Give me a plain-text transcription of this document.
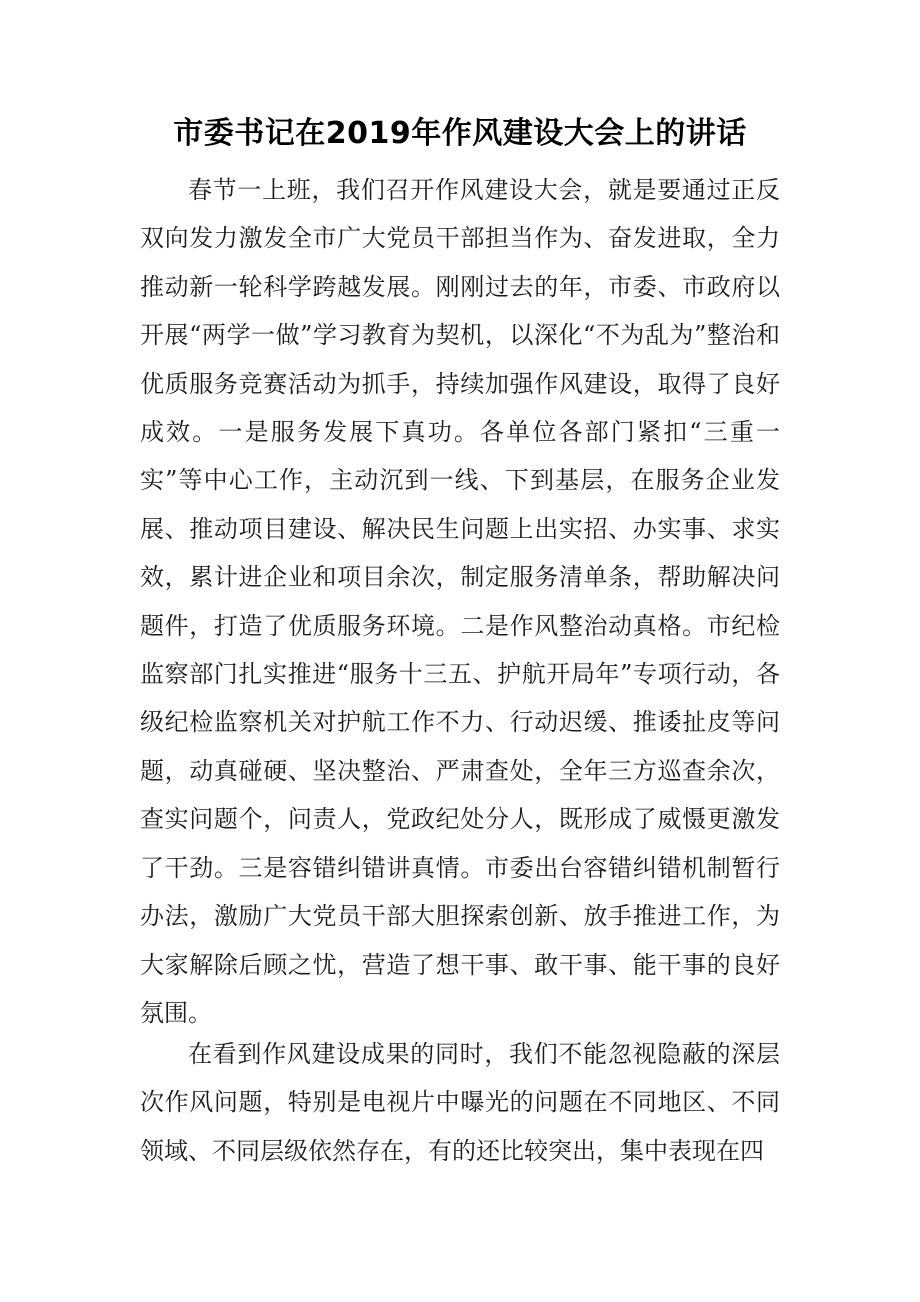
市委书记在2019年作风建设大会上的讲话

春节一上班，我们召开作风建设大会，就是要通过正反双向发力激发全市广大党员干部担当作为、奋发进取，全力推动新一轮科学跨越发展。刚刚过去的年，市委、市政府以开展“两学一做”学习教育为契机，以深化“不为乱为”整治和优质服务竞赛活动为抓手，持续加强作风建设，取得了良好成效。一是服务发展下真功。各单位各部门紧扣“三重一实”等中心工作，主动沉到一线、下到基层，在服务企业发展、推动项目建设、解决民生问题上出实招、办实事、求实效，累计进企业和项目余次，制定服务清单条，帮助解决问题件，打造了优质服务环境。二是作风整治动真格。市纪检监察部门扎实推进“服务十三五、护航开局年”专项行动，各级纪检监察机关对护航工作不力、行动迟缓、推诿扯皮等问题，动真碰硬、坚决整治、严肃查处，全年三方巡查余次，查实问题个，问责人，党政纪处分人，既形成了威慑更激发了干劲。三是容错纠错讲真情。市委出台容错纠错机制暂行办法，激励广大党员干部大胆探索创新、放手推进工作，为大家解除后顾之忧，营造了想干事、敢干事、能干事的良好氛围。

在看到作风建设成果的同时，我们不能忽视隐蔽的深层次作风问题，特别是电视片中曝光的问题在不同地区、不同领域、不同层级依然存在，有的还比较突出，集中表现在四
